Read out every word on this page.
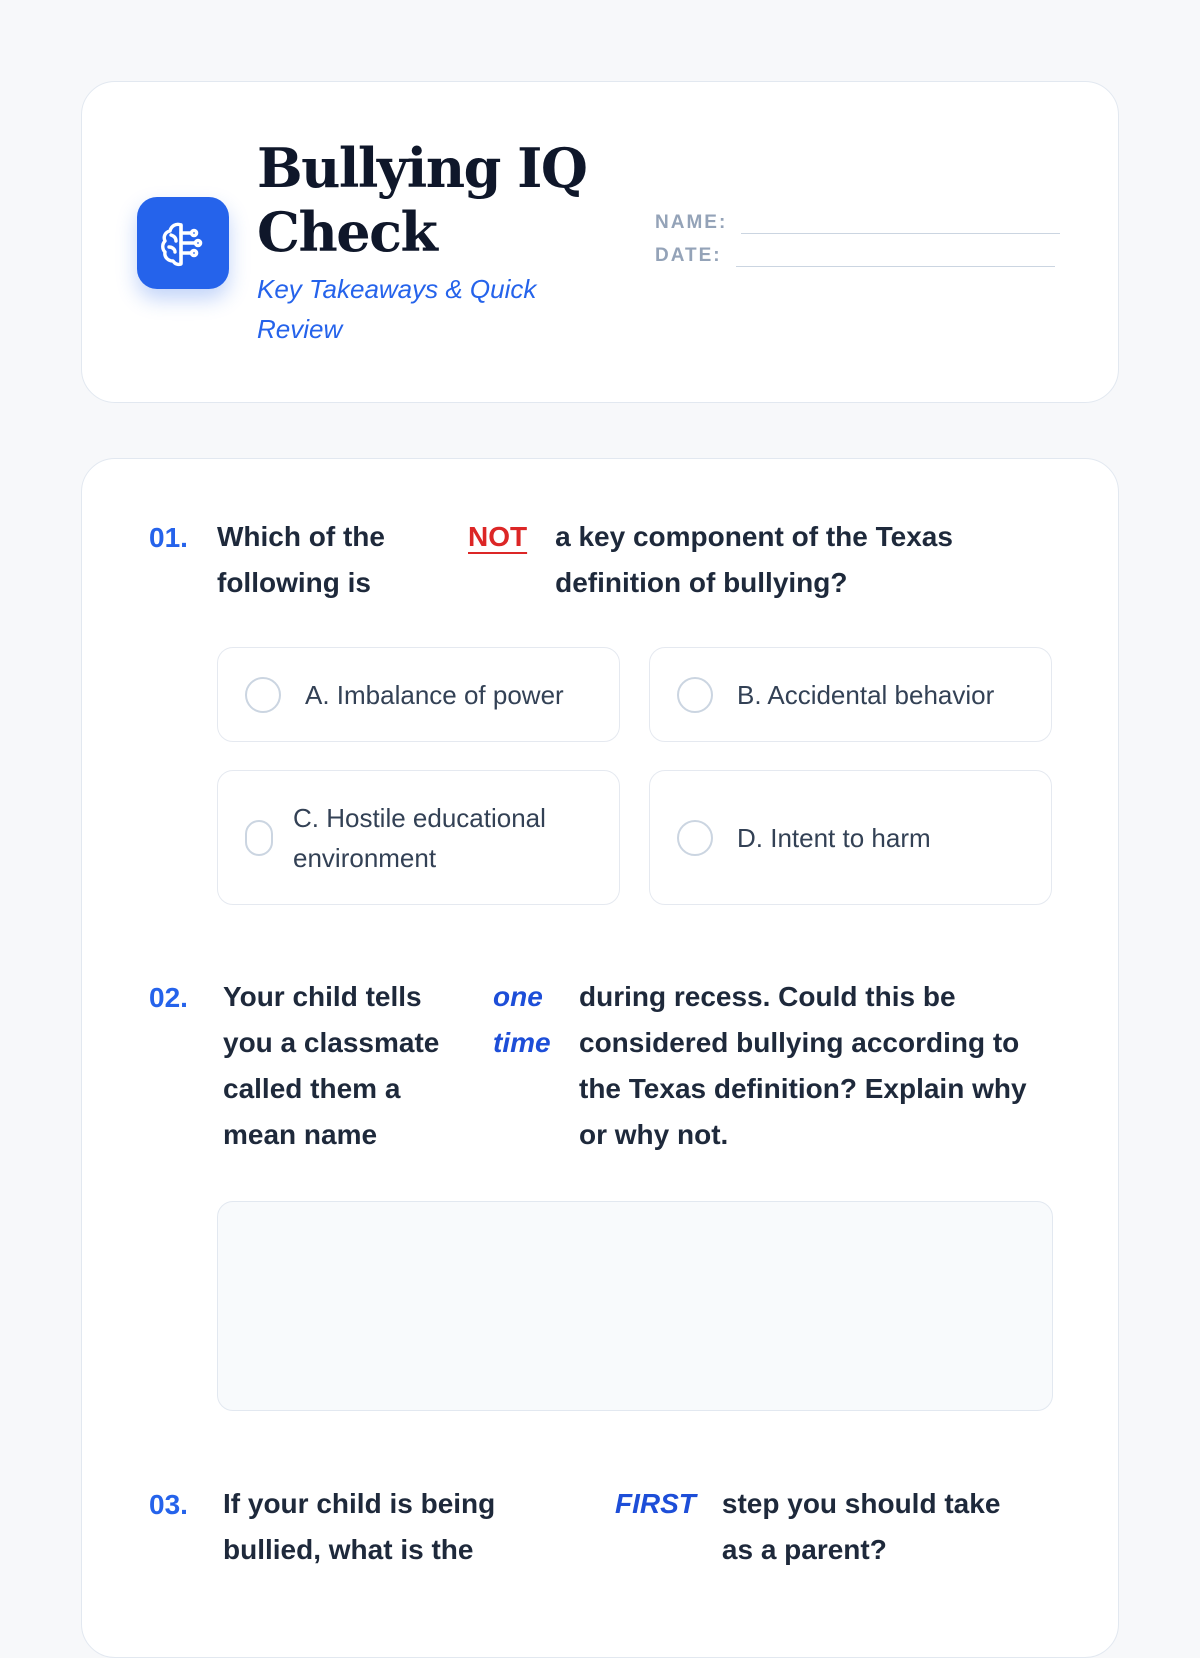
Bullying IQ Check
Key Takeaways & Quick Review
NAME:
DATE:
01. Which of the following is
NOT a key component of the Texas definition of bullying?
A. Imbalance of power	B. Accidental behavior
C. Hostile educational environment
D. Intent to harm
02. Your child tells you a classmate called them a mean name
one time
during recess. Could this be considered bullying according to the Texas definition? Explain why or why not.
03. If your child is being bullied, what is the
FIRST step you should take as a parent?
